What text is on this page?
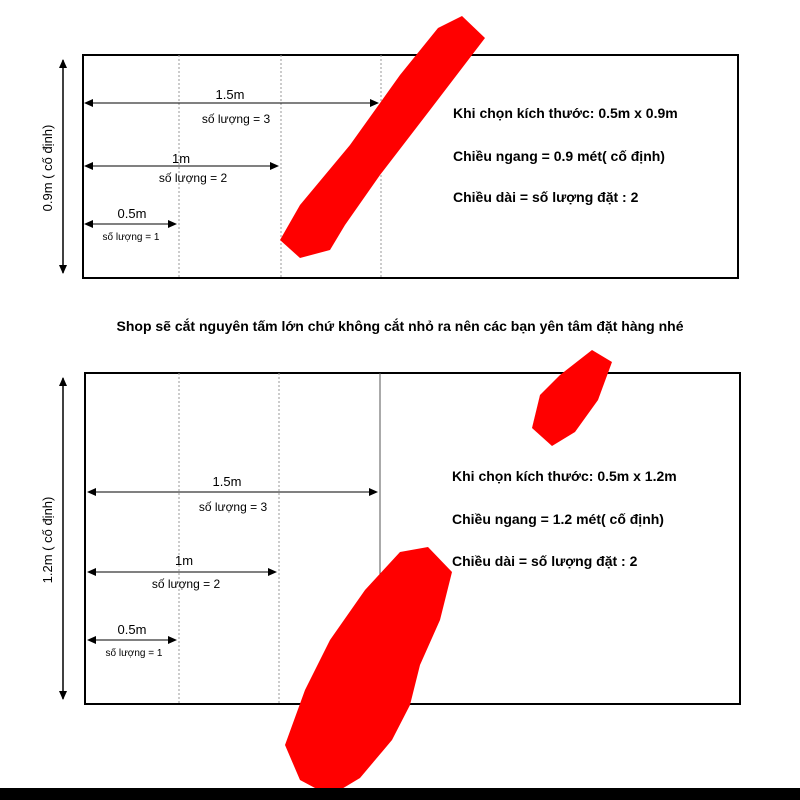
0.9m ( cố định)
1.5m
số lượng = 3
1m
số lượng = 2
0.5m
số lượng = 1
Khi chọn kích thước: 0.5m x 0.9m
Chiều ngang = 0.9 mét( cố định)
Chiều dài = số lượng đặt : 2
Shop sẽ cắt nguyên tấm lớn chứ không cắt nhỏ ra nên các bạn yên tâm đặt hàng nhé
1.2m ( cố định)
1.5m
số lượng = 3
1m
số lượng = 2
0.5m
số lượng = 1
Khi chọn kích thước: 0.5m x 1.2m
Chiều ngang = 1.2 mét( cố định)
Chiều dài = số lượng đặt : 2
